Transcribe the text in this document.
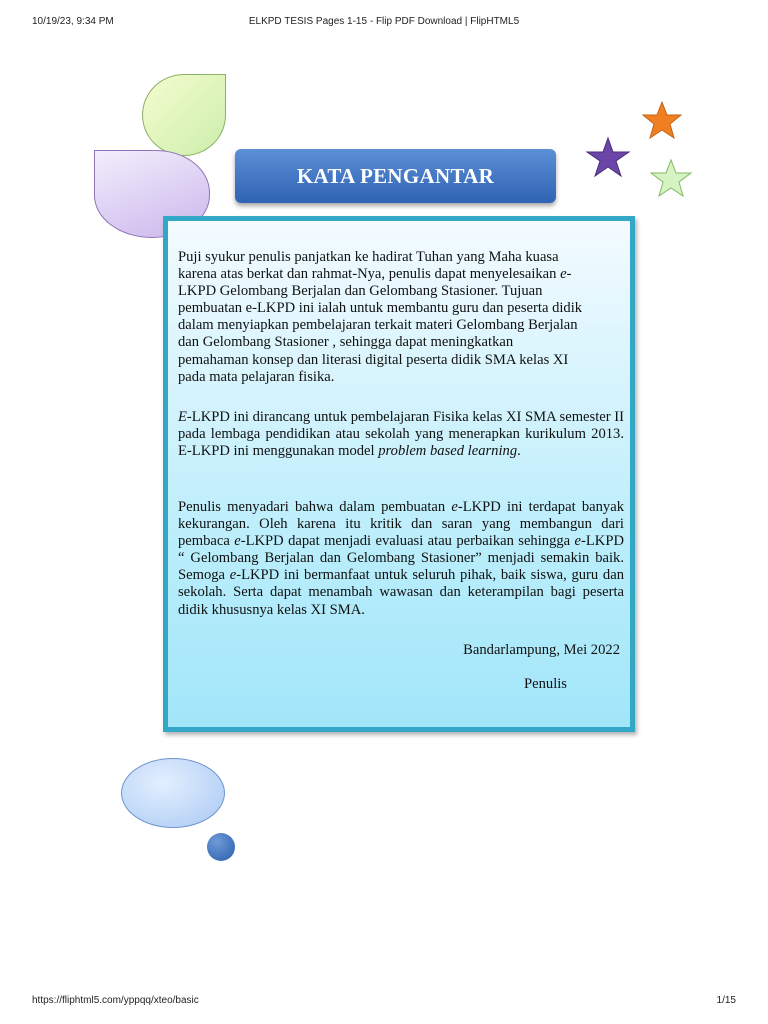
10/19/23, 9:34 PM	ELKPD TESIS Pages 1-15 - Flip PDF Download | FlipHTML5
KATA PENGANTAR
Puji syukur penulis panjatkan ke hadirat Tuhan yang Maha kuasa
karena atas berkat dan rahmat-Nya, penulis dapat menyelesaikan e-
LKPD Gelombang Berjalan dan Gelombang Stasioner. Tujuan
pembuatan e-LKPD ini ialah untuk membantu guru dan peserta didik
dalam menyiapkan pembelajaran terkait materi Gelombang Berjalan
dan Gelombang Stasioner , sehingga dapat meningkatkan
pemahaman konsep dan literasi digital peserta didik SMA kelas XI
pada mata pelajaran fisika.
E-LKPD ini dirancang untuk pembelajaran Fisika kelas XI SMA semester II pada lembaga pendidikan atau sekolah yang menerapkan kurikulum 2013. E-LKPD ini menggunakan model problem based learning.
Penulis menyadari bahwa dalam pembuatan e-LKPD ini terdapat banyak kekurangan. Oleh karena itu kritik dan saran yang membangun dari pembaca e-LKPD dapat menjadi evaluasi atau perbaikan sehingga e-LKPD “ Gelombang Berjalan dan Gelombang Stasioner” menjadi semakin baik. Semoga e-LKPD ini bermanfaat untuk seluruh pihak, baik siswa, guru dan sekolah. Serta dapat menambah wawasan dan keterampilan bagi peserta didik khususnya kelas XI SMA.
Bandarlampung, Mei 2022
Penulis
https://fliphtml5.com/yppqq/xteo/basic	1/15
